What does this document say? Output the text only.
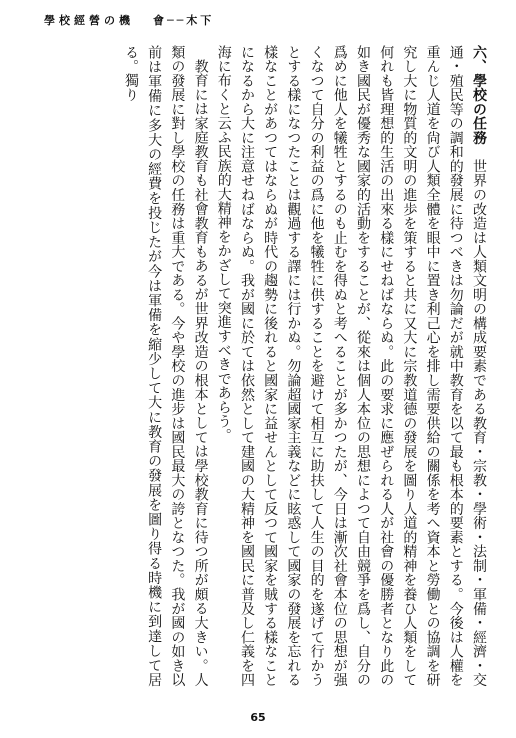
學校經營の機 會──木下

六、學校の任務　世界の改造は人類文明の構成要素である教育・宗教・學術・法制・軍備・經濟・交通・殖民等の調和的發展に待つべきは勿論だが就中教育を以て最も根本的要素とする。今後は人權を重んじ人道を尙び人類全體を眼中に置き利己心を排し需要供給の關係を考へ資本と勞働との協調を研究し大に物質的文明の進歩を策すると共に又大に宗教道德の發展を圖り人道的精神を養ひ人類をして何れも皆理想的生活の出來る樣にせねばならぬ。此の要求に應ぜられる人が社會の優勝者となり此の如き國民が優秀な國家的活動をすることが、從來は個人本位の思想によつて自由競爭を爲し、自分の爲めに他人を犧牲とするのも止むを得ぬと考へることが多かつたが、今日は漸次社會本位の思想が强くなつて自分の利益の爲に他を犧牲に供することを避けて相互に助扶して人生の目的を遂げて行かうとする樣になつたことは觀過する譯には行かぬ。勿論超國家主義などに眩惑して國家の發展を忘れる樣なことがあつてはならぬが時代の趨勢に後れると國家に益せんとして反つて國家を賊する樣なことになるから大に注意せねばならぬ。我が國に於ては依然として建國の大精神を國民に普及し仁義を四海に布くと云ふ民族的大精神をかざして突進すべきであらう。

教育には家庭教育も社會教育もあるが世界改造の根本としては學校教育に待つ所が頗る大きい。人類の發展に對し學校の任務は重大である。今や學校の進步は國民最大の誇となつた。我が國の如き以前は軍備に多大の經費を投じたが今は軍備を縮少して大に教育の發展を圖り得る時機に到達して居る。獨り

65
